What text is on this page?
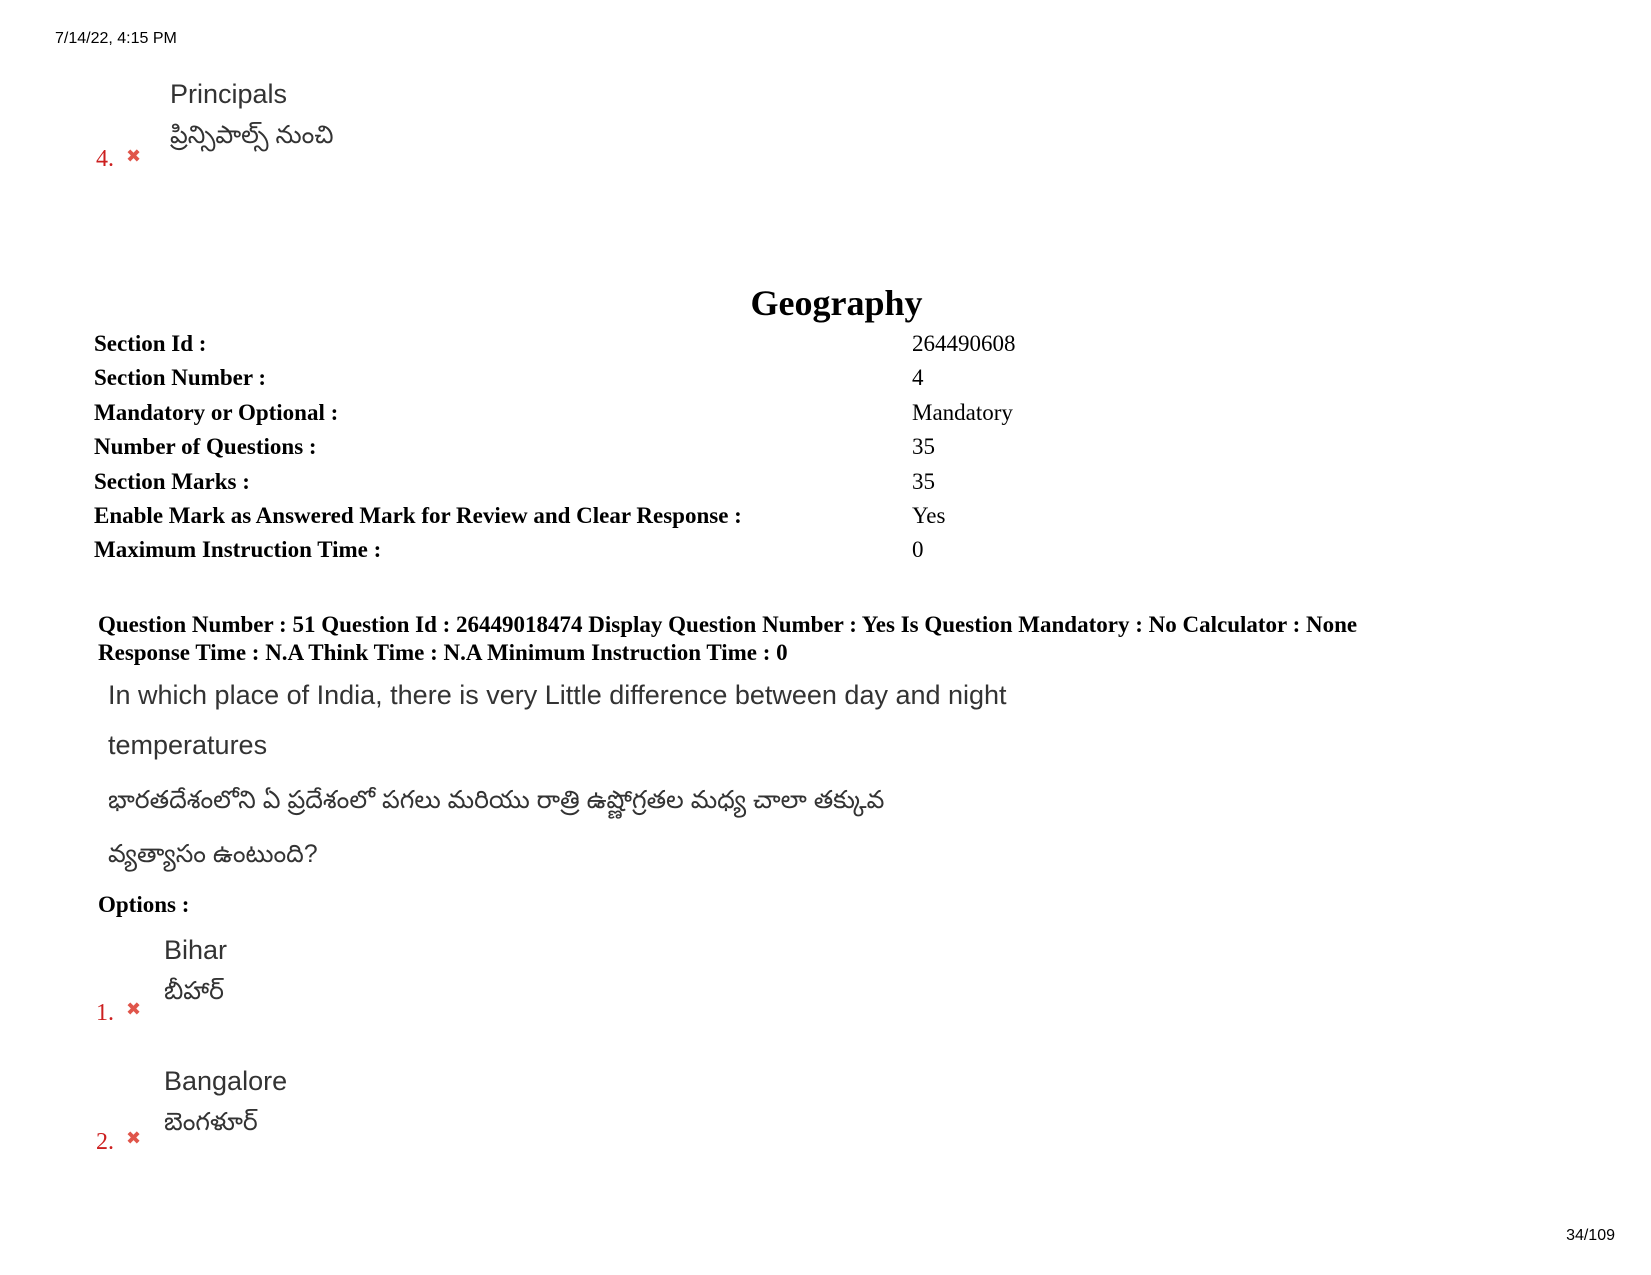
7/14/22, 4:15 PM
Principals
ప్రిన్సిపాల్స్ నుంచి
4. ✖
Geography
Section Id :	264490608
Section Number :	4
Mandatory or Optional :	Mandatory
Number of Questions :	35
Section Marks :	35
Enable Mark as Answered Mark for Review and Clear Response :	Yes
Maximum Instruction Time :	0
Question Number : 51 Question Id : 26449018474 Display Question Number : Yes Is Question Mandatory : No Calculator : None
Response Time : N.A Think Time : N.A Minimum Instruction Time : 0
In which place of India, there is very Little difference between day and night
temperatures
భారతదేశంలోని ఏ ప్రదేశంలో పగలు మరియు రాత్రి ఉష్ణోగ్రతల మధ్య చాలా తక్కువ
వ్యత్యాసం ఉంటుంది?
Options :
Bihar
బీహార్
1. ✖
Bangalore
బెంగళూర్
2. ✖
34/109
